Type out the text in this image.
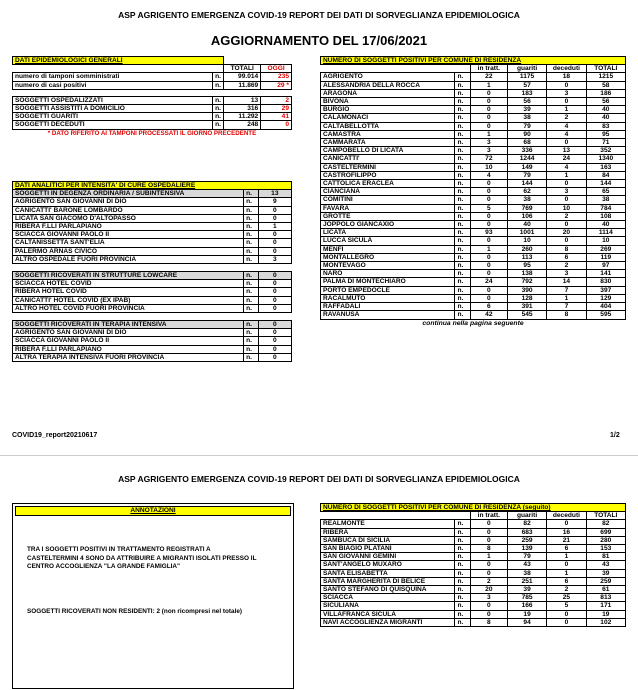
ASP AGRIGENTO EMERGENZA COVID-19 REPORT DEI DATI DI SORVEGLIANZA EPIDEMIOLOGICA
AGGIORNAMENTO DEL 17/06/2021
DATI EPIDEMIOLOGICI GENERALI			
		TOTALI	OGGI
numero di tamponi somministrati	n.	99.014	235
numero di casi positivi	n.	11.869	29 *

SOGGETTI OSPEDALIZZATI	n.	13	2
SOGGETTI ASSISTITI A DOMICILIO	n.	316	29
SOGGETTI GUARITI	n.	11.292	41
SOGGETTI DECEDUTI	n.	248	0
* DATO RIFERITO AI TAMPONI PROCESSATI IL GIORNO PRECEDENTE			
DATI ANALITICI PER INTENSITA' DI CURE OSPEDALIERE		
SOGGETTI IN DEGENZA ORDINARIA / SUBINTENSIVA	n.	13
AGRIGENTO SAN GIOVANNI DI DIO	n.	9
CANICATTI' BARONE LOMBARDO	n.	0
LICATA SAN GIACOMO D'ALTOPASSO	n.	0
RIBERA F.LLI PARLAPIANO	n.	1
SCIACCA GIOVANNI PAOLO II	n.	0
CALTANISSETTA SANT'ELIA	n.	0
PALERMO ARNAS CIVICO	n.	0
ALTRO OSPEDALE FUORI PROVINCIA	n.	3

SOGGETTI RICOVERATI IN STRUTTURE LOWCARE	n.	0
SCIACCA HOTEL COVID	n.	0
RIBERA HOTEL COVID	n.	0
CANICATTI' HOTEL COVID (EX IPAB)	n.	0
ALTRO HOTEL COVID FUORI PROVINCIA	n.	0

SOGGETTI RICOVERATI IN TERAPIA INTENSIVA	n.	0
AGRIGENTO SAN GIOVANNI DI DIO	n.	0
SCIACCA GIOVANNI PAOLO II	n.	0
RIBERA F.LLI PARLAPIANO	n.	0
ALTRA TERAPIA INTENSIVA FUORI PROVINCIA	n.	0
NUMERO DI SOGGETTI POSITIVI PER COMUNE DI RESIDENZA					
		in tratt.	guariti	deceduti	TOTALI
AGRIGENTO	n.	22	1175	18	1215
ALESSANDRIA DELLA ROCCA	n.	1	57	0	58
ARAGONA	n.	0	183	3	186
BIVONA	n.	0	56	0	56
BURGIO	n.	0	39	1	40
CALAMONACI	n.	0	38	2	40
CALTABELLOTTA	n.	0	79	4	83
CAMASTRA	n.	1	90	4	95
CAMMARATA	n.	3	68	0	71
CAMPOBELLO DI LICATA	n.	3	336	13	352
CANICATTI'	n.	72	1244	24	1340
CASTELTERMINI	n.	10	149	4	163
CASTROFILIPPO	n.	4	79	1	84
CATTOLICA ERACLEA	n.	0	144	0	144
CIANCIANA	n.	0	62	3	65
COMITINI	n.	0	38	0	38
FAVARA	n.	5	769	10	784
GROTTE	n.	0	106	2	108
JOPPOLO GIANCAXIO	n.	0	40	0	40
LICATA	n.	93	1001	20	1114
LUCCA SICULA	n.	0	10	0	10
MENFI	n.	1	260	8	269
MONTALLEGRO	n.	0	113	6	119
MONTEVAGO	n.	0	95	2	97
NARO	n.	0	138	3	141
PALMA DI MONTECHIARO	n.	24	792	14	830
PORTO EMPEDOCLE	n.	0	390	7	397
RACALMUTO	n.	0	128	1	129
RAFFADALI	n.	6	391	7	404
RAVANUSA	n.	42	545	8	595
continua nella pagina seguente					
COVID19_report20210617	1/2
ASP AGRIGENTO EMERGENZA COVID-19 REPORT DEI DATI DI SORVEGLIANZA EPIDEMIOLOGICA
ANNOTAZIONI
TRA I SOGGETTI POSITIVI IN TRATTAMENTO REGISTRATI A CASTELTERMINI 4 SONO DA ATTRIBUIRE A MIGRANTI ISOLATI PRESSO IL CENTRO ACCOGLIENZA "LA GRANDE FAMIGLIA"
SOGGETTI RICOVERATI NON RESIDENTI: 2 (non ricompresi nel totale)
NUMERO DI SOGGETTI POSITIVI PER COMUNE DI RESIDENZA (seguito)					
		in tratt.	guariti	deceduti	TOTALI
REALMONTE	n.	0	82	0	82
RIBERA	n.	0	683	16	699
SAMBUCA DI SICILIA	n.	0	259	21	280
SAN BIAGIO PLATANI	n.	8	139	6	153
SAN GIOVANNI GEMINI	n.	1	79	1	81
SANT'ANGELO MUXARO	n.	0	43	0	43
SANTA ELISABETTA	n.	0	38	1	39
SANTA MARGHERITA DI BELICE	n.	2	251	6	259
SANTO STEFANO DI QUISQUINA	n.	20	39	2	61
SCIACCA	n.	3	785	25	813
SICULIANA	n.	0	166	5	171
VILLAFRANCA SICULA	n.	0	19	0	19
NAVI ACCOGLIENZA MIGRANTI	n.	8	94	0	102
